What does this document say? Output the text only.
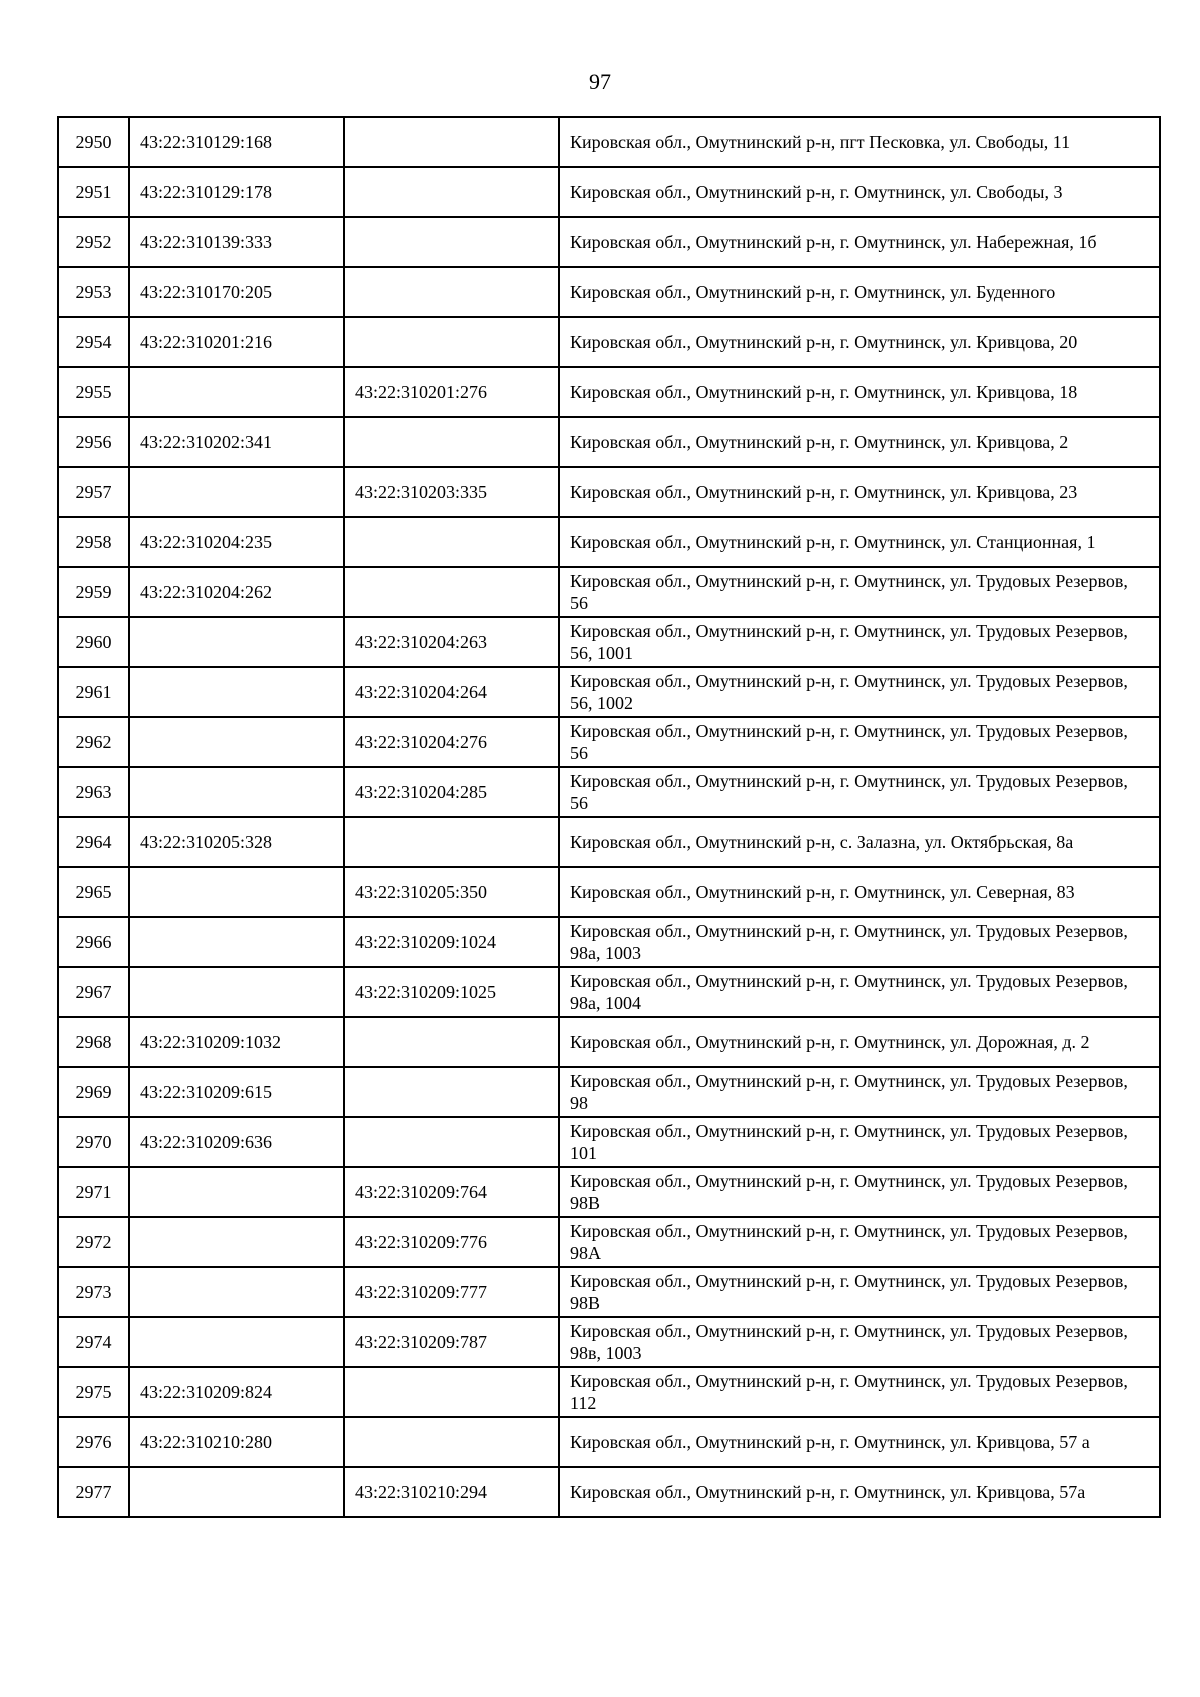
97
2950	43:22:310129:168		Кировская обл., Омутнинский р-н, пгт Песковка, ул. Свободы, 11
2951	43:22:310129:178		Кировская обл., Омутнинский р-н, г. Омутнинск, ул. Свободы, 3
2952	43:22:310139:333		Кировская обл., Омутнинский р-н, г. Омутнинск, ул. Набережная, 1б
2953	43:22:310170:205		Кировская обл., Омутнинский р-н, г. Омутнинск, ул. Буденного
2954	43:22:310201:216		Кировская обл., Омутнинский р-н, г. Омутнинск, ул. Кривцова, 20
2955		43:22:310201:276	Кировская обл., Омутнинский р-н, г. Омутнинск, ул. Кривцова, 18
2956	43:22:310202:341		Кировская обл., Омутнинский р-н, г. Омутнинск, ул. Кривцова, 2
2957		43:22:310203:335	Кировская обл., Омутнинский р-н, г. Омутнинск, ул. Кривцова, 23
2958	43:22:310204:235		Кировская обл., Омутнинский р-н, г. Омутнинск, ул. Станционная, 1
2959	43:22:310204:262		Кировская обл., Омутнинский р-н, г. Омутнинск, ул. Трудовых Резервов, 56
2960		43:22:310204:263	Кировская обл., Омутнинский р-н, г. Омутнинск, ул. Трудовых Резервов, 56, 1001
2961		43:22:310204:264	Кировская обл., Омутнинский р-н, г. Омутнинск, ул. Трудовых Резервов, 56, 1002
2962		43:22:310204:276	Кировская обл., Омутнинский р-н, г. Омутнинск, ул. Трудовых Резервов, 56
2963		43:22:310204:285	Кировская обл., Омутнинский р-н, г. Омутнинск, ул. Трудовых Резервов, 56
2964	43:22:310205:328		Кировская обл., Омутнинский р-н, с. Залазна, ул. Октябрьская, 8а
2965		43:22:310205:350	Кировская обл., Омутнинский р-н, г. Омутнинск, ул. Северная, 83
2966		43:22:310209:1024	Кировская обл., Омутнинский р-н, г. Омутнинск, ул. Трудовых Резервов, 98а, 1003
2967		43:22:310209:1025	Кировская обл., Омутнинский р-н, г. Омутнинск, ул. Трудовых Резервов, 98а, 1004
2968	43:22:310209:1032		Кировская обл., Омутнинский р-н, г. Омутнинск, ул. Дорожная, д. 2
2969	43:22:310209:615		Кировская обл., Омутнинский р-н, г. Омутнинск, ул. Трудовых Резервов, 98
2970	43:22:310209:636		Кировская обл., Омутнинский р-н, г. Омутнинск, ул. Трудовых Резервов, 101
2971		43:22:310209:764	Кировская обл., Омутнинский р-н, г. Омутнинск, ул. Трудовых Резервов, 98В
2972		43:22:310209:776	Кировская обл., Омутнинский р-н, г. Омутнинск, ул. Трудовых Резервов, 98А
2973		43:22:310209:777	Кировская обл., Омутнинский р-н, г. Омутнинск, ул. Трудовых Резервов, 98В
2974		43:22:310209:787	Кировская обл., Омутнинский р-н, г. Омутнинск, ул. Трудовых Резервов, 98в, 1003
2975	43:22:310209:824		Кировская обл., Омутнинский р-н, г. Омутнинск, ул. Трудовых Резервов, 112
2976	43:22:310210:280		Кировская обл., Омутнинский р-н, г. Омутнинск, ул. Кривцова, 57 а
2977		43:22:310210:294	Кировская обл., Омутнинский р-н, г. Омутнинск, ул. Кривцова, 57а
